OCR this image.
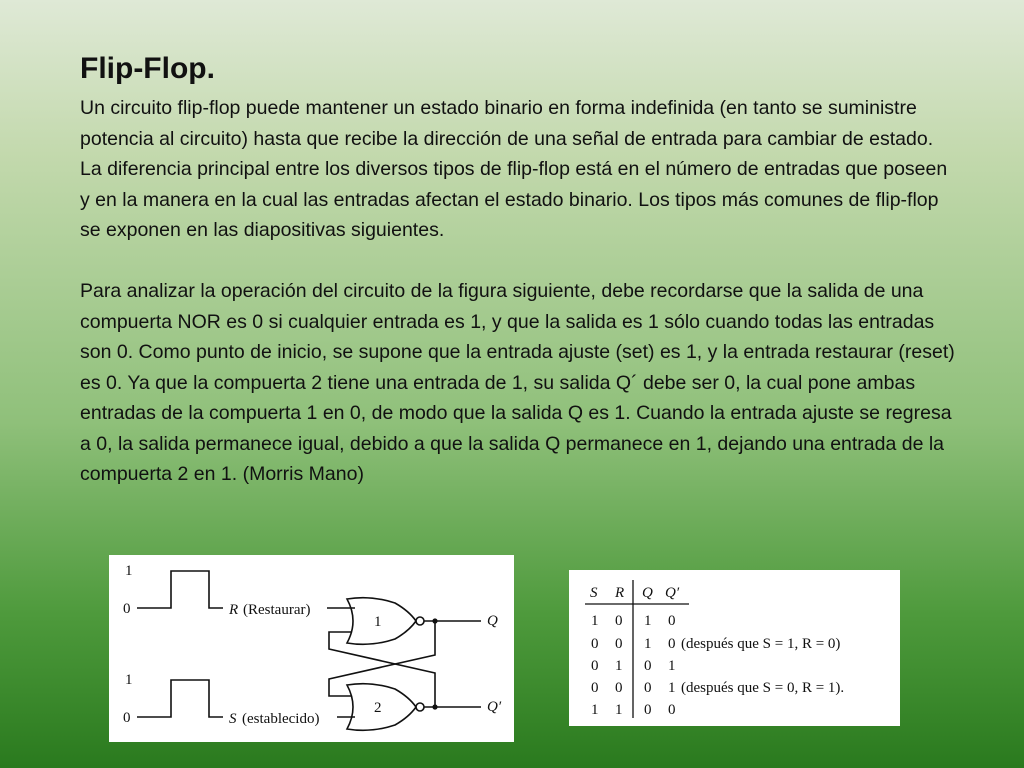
Flip-Flop.

Un circuito flip-flop puede mantener un estado binario en forma indefinida (en tanto se suministre potencia al circuito) hasta que recibe la dirección de una señal de entrada para cambiar de estado. La diferencia principal entre los diversos tipos de flip-flop está en el número de entradas que poseen y en la manera en la cual las entradas afectan el estado binario. Los tipos más comunes de flip-flop se exponen en las diapositivas siguientes.

Para analizar la operación del circuito de la figura siguiente, debe recordarse que la salida de una compuerta NOR es 0 si cualquier entrada es 1, y que la salida es 1 sólo cuando todas las entradas son 0. Como punto de inicio, se supone que la entrada ajuste (set) es 1, y la entrada restaurar (reset) es 0. Ya que la compuerta 2 tiene una entrada de 1, su salida Q´ debe ser 0, la cual pone ambas entradas de la compuerta 1 en 0, de modo que la salida Q es 1. Cuando la entrada ajuste se regresa a 0, la salida permanece igual, debido a que la salida Q permanece en 1, dejando una entrada de la compuerta 2 en 1. (Morris Mano)

1
0
1
0
R (Restaurar)
S (establecido)
1
2
Q
Q′
S R Q Q′
1 0 1 0
0 0 1 0 (después que S = 1, R = 0)
0 1 0 1
0 0 0 1 (después que S = 0, R = 1).
1 1 0 0
